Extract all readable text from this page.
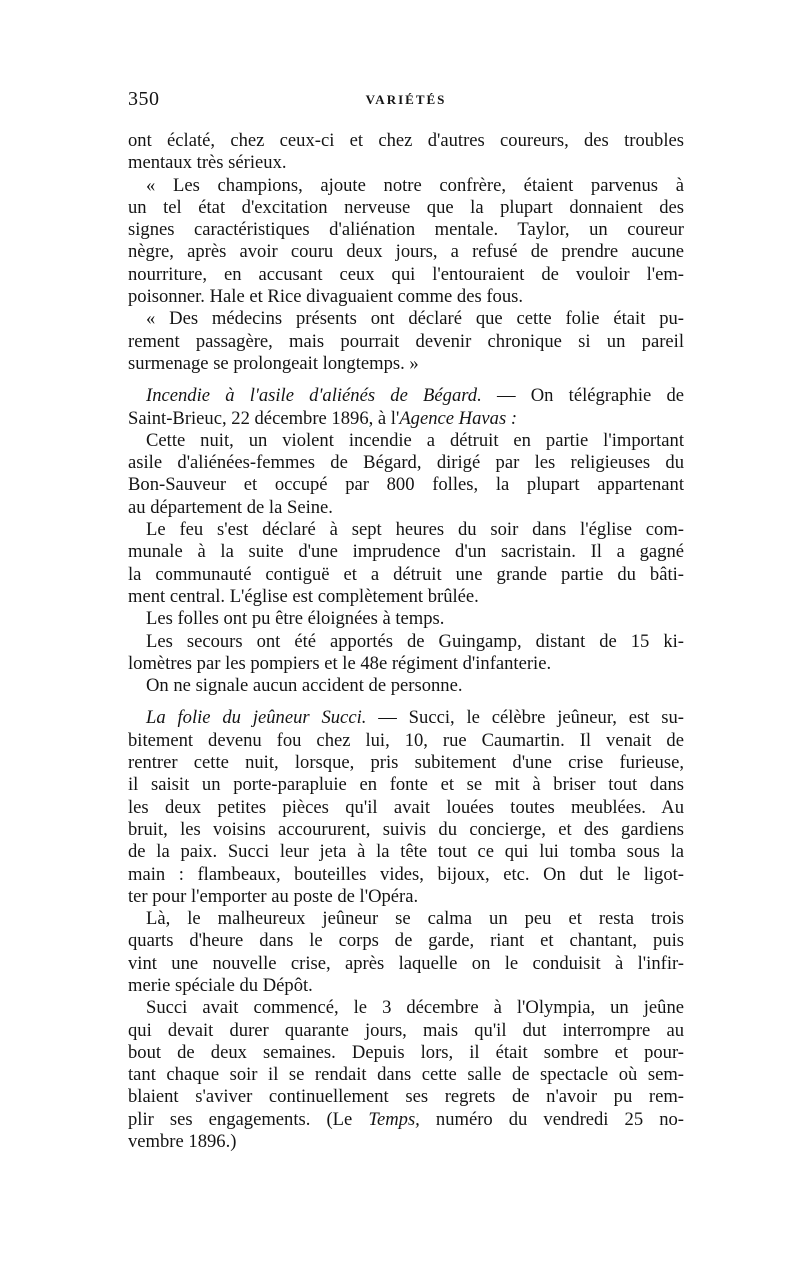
350	VARIÉTÉS
ont éclaté, chez ceux-ci et chez d'autres coureurs, des troubles
mentaux très sérieux.
« Les champions, ajoute notre confrère, étaient parvenus à
un tel état d'excitation nerveuse que la plupart donnaient des
signes caractéristiques d'aliénation mentale. Taylor, un coureur
nègre, après avoir couru deux jours, a refusé de prendre aucune
nourriture, en accusant ceux qui l'entouraient de vouloir l'em-
poisonner. Hale et Rice divaguaient comme des fous.
« Des médecins présents ont déclaré que cette folie était pu-
rement passagère, mais pourrait devenir chronique si un pareil
surmenage se prolongeait longtemps. »
Incendie à l'asile d'aliénés de Bégard. — On télégraphie de
Saint-Brieuc, 22 décembre 1896, à l'Agence Havas :
Cette nuit, un violent incendie a détruit en partie l'important
asile d'aliénées-femmes de Bégard, dirigé par les religieuses du
Bon-Sauveur et occupé par 800 folles, la plupart appartenant
au département de la Seine.
Le feu s'est déclaré à sept heures du soir dans l'église com-
munale à la suite d'une imprudence d'un sacristain. Il a gagné
la communauté contiguë et a détruit une grande partie du bâti-
ment central. L'église est complètement brûlée.
Les folles ont pu être éloignées à temps.
Les secours ont été apportés de Guingamp, distant de 15 ki-
lomètres par les pompiers et le 48e régiment d'infanterie.
On ne signale aucun accident de personne.
La folie du jeûneur Succi. — Succi, le célèbre jeûneur, est su-
bitement devenu fou chez lui, 10, rue Caumartin. Il venait de
rentrer cette nuit, lorsque, pris subitement d'une crise furieuse,
il saisit un porte-parapluie en fonte et se mit à briser tout dans
les deux petites pièces qu'il avait louées toutes meublées. Au
bruit, les voisins accoururent, suivis du concierge, et des gardiens
de la paix. Succi leur jeta à la tête tout ce qui lui tomba sous la
main : flambeaux, bouteilles vides, bijoux, etc. On dut le ligot-
ter pour l'emporter au poste de l'Opéra.
Là, le malheureux jeûneur se calma un peu et resta trois
quarts d'heure dans le corps de garde, riant et chantant, puis
vint une nouvelle crise, après laquelle on le conduisit à l'infir-
merie spéciale du Dépôt.
Succi avait commencé, le 3 décembre à l'Olympia, un jeûne
qui devait durer quarante jours, mais qu'il dut interrompre au
bout de deux semaines. Depuis lors, il était sombre et pour-
tant chaque soir il se rendait dans cette salle de spectacle où sem-
blaient s'aviver continuellement ses regrets de n'avoir pu rem-
plir ses engagements. (Le Temps, numéro du vendredi 25 no-
vembre 1896.)
